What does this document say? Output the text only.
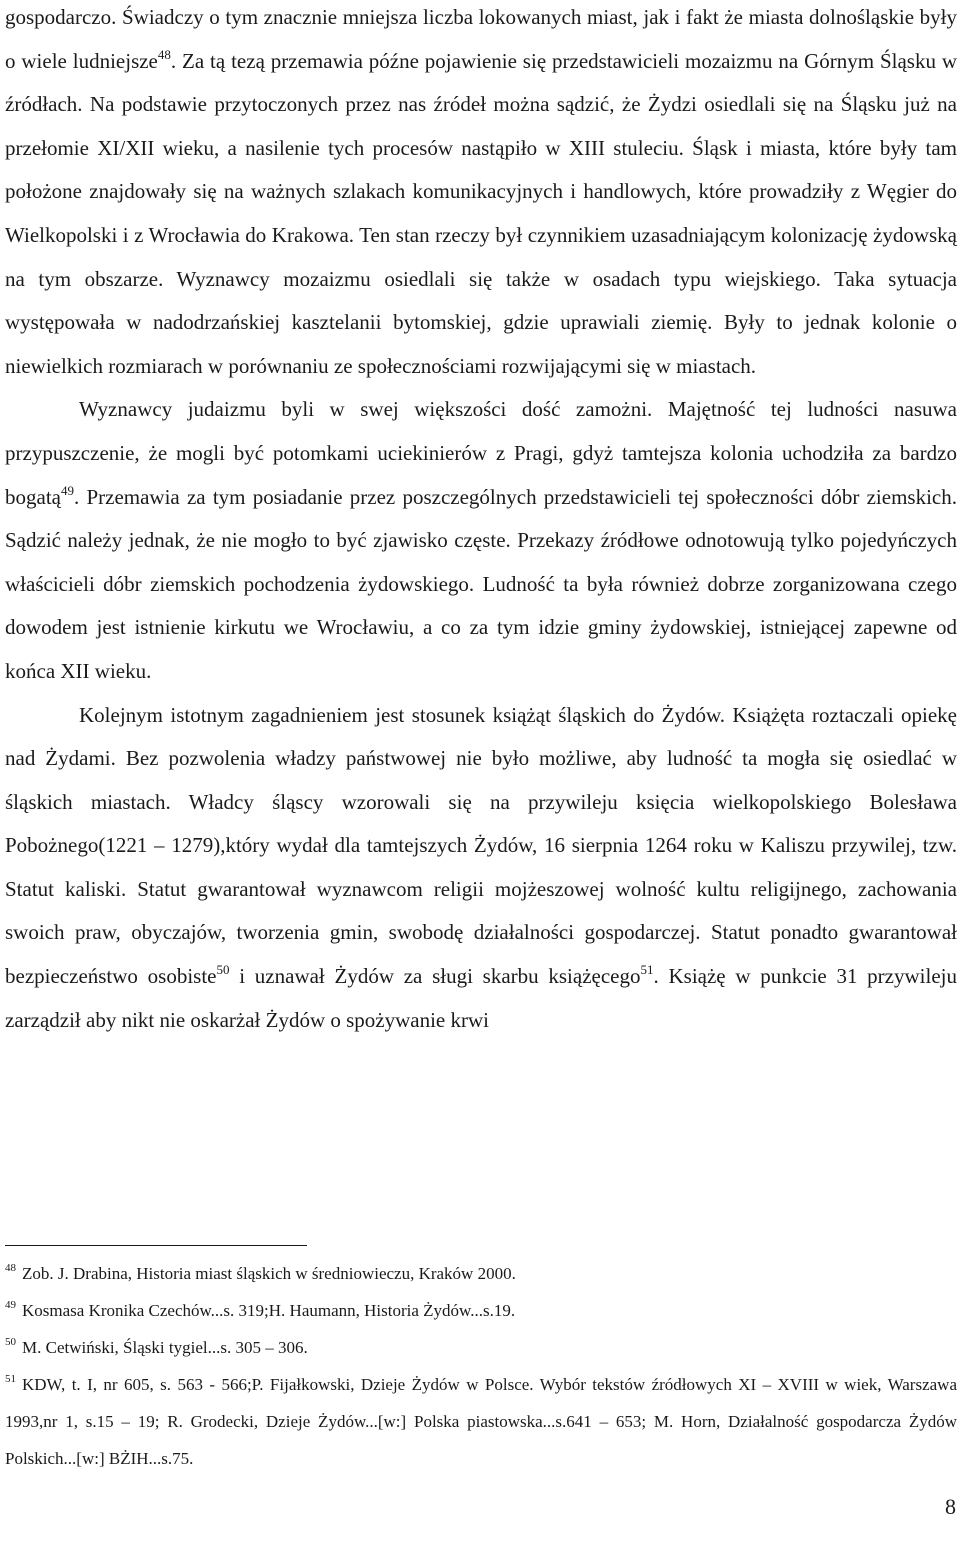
gospodarczo. Świadczy o tym znacznie mniejsza liczba lokowanych miast, jak i fakt że miasta dolnośląskie były o wiele ludniejsze$^{48}$. Za tą tezą przemawia późne pojawienie się przedstawicieli mozaizmu na Górnym Śląsku w źródłach. Na podstawie przytoczonych przez nas źródeł można sądzić, że Żydzi osiedlali się na Śląsku już na przełomie XI/XII wieku, a nasilenie tych procesów nastąpiło w XIII stuleciu. Śląsk i miasta, które były tam położone znajdowały się na ważnych szlakach komunikacyjnych i handlowych, które prowadziły z Węgier do Wielkopolski i z Wrocławia do Krakowa. Ten stan rzeczy był czynnikiem uzasadniającym kolonizację żydowską na tym obszarze. Wyznawcy mozaizmu osiedlali się także w osadach typu wiejskiego. Taka sytuacja występowała w nadodrzańskiej kasztelanii bytomskiej, gdzie uprawiali ziemię. Były to jednak kolonie o niewielkich rozmiarach w porównaniu ze społecznościami rozwijającymi się w miastach.

Wyznawcy judaizmu byli w swej większości dość zamożni. Majętność tej ludności nasuwa przypuszczenie, że mogli być potomkami uciekinierów z Pragi, gdyż tamtejsza kolonia uchodziła za bardzo bogatą$^{49}$. Przemawia za tym posiadanie przez poszczególnych przedstawicieli tej społeczności dóbr ziemskich. Sądzić należy jednak, że nie mogło to być zjawisko częste. Przekazy źródłowe odnotowują tylko pojedyńczych właścicieli dóbr ziemskich pochodzenia żydowskiego. Ludność ta była również dobrze zorganizowana czego dowodem jest istnienie kirkutu we Wrocławiu, a co za tym idzie gminy żydowskiej, istniejącej zapewne od końca XII wieku.

Kolejnym istotnym zagadnieniem jest stosunek książąt śląskich do Żydów. Książęta roztaczali opiekę nad Żydami. Bez pozwolenia władzy państwowej nie było możliwe, aby ludność ta mogła się osiedlać w śląskich miastach. Władcy śląscy wzorowali się na przywileju księcia wielkopolskiego Bolesława Pobożnego(1221 – 1279),który wydał dla tamtejszych Żydów, 16 sierpnia 1264 roku w Kaliszu przywilej, tzw. Statut kaliski. Statut gwarantował wyznawcom religii mojżeszowej wolność kultu religijnego, zachowania swoich praw, obyczajów, tworzenia gmin, swobodę działalności gospodarczej. Statut ponadto gwarantował bezpieczeństwo osobiste$^{50}$ i uznawał Żydów za sługi skarbu książęcego$^{51}$. Książę w punkcie 31 przywileju zarządził aby nikt nie oskarżał Żydów o spożywanie krwi

$^{48}$ Zob. J. Drabina, Historia miast śląskich w średniowieczu, Kraków 2000.

$^{49}$ Kosmasa Kronika Czechów...s. 319;H. Haumann, Historia Żydów...s.19.

$^{50}$ M. Cetwiński, Śląski tygiel...s. 305 – 306.

$^{51}$ KDW, t. I, nr 605, s. 563 - 566;P. Fijałkowski, Dzieje Żydów w Polsce. Wybór tekstów źródłowych XI – XVIII w wiek, Warszawa 1993,nr 1, s.15 – 19; R. Grodecki, Dzieje Żydów...[w:] Polska piastowska...s.641 – 653; M. Horn, Działalność gospodarcza Żydów Polskich...[w:] BŻIH...s.75.

8
